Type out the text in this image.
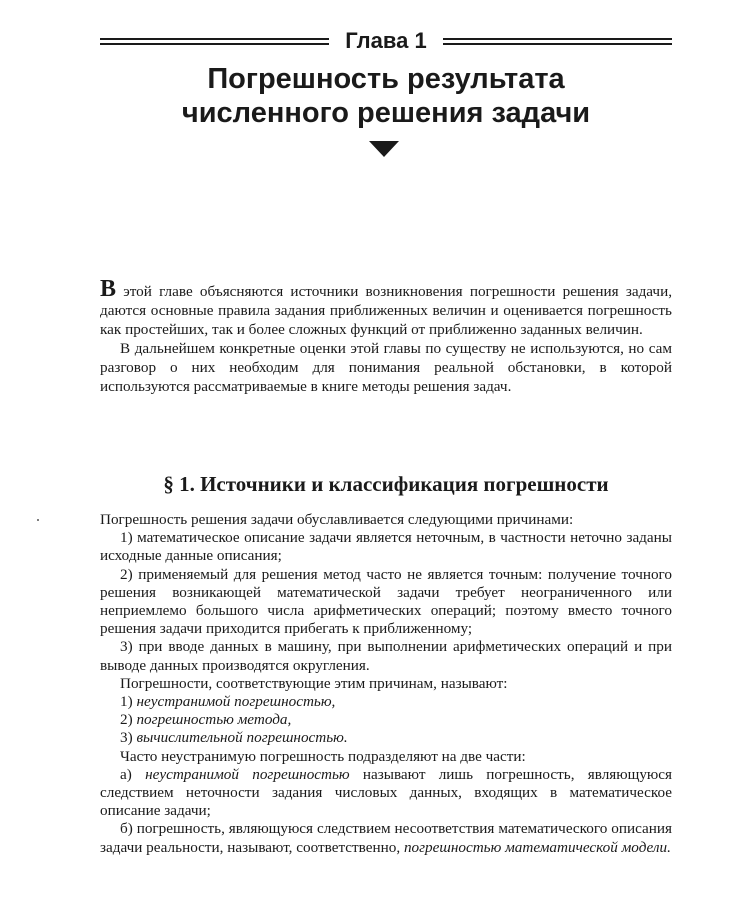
Глава 1
Погрешность результата
численного решения задачи

В этой главе объясняются источники возникновения погрешности решения задачи, даются основные правила задания приближенных величин и оценивается погрешность как простейших, так и более сложных функций от приближенно заданных величин.

В дальнейшем конкретные оценки этой главы по существу не используются, но сам разговор о них необходим для понимания реальной обстановки, в которой используются рассматриваемые в книге методы решения задач.

§ 1. Источники и классификация погрешности

Погрешность решения задачи обуславливается следующими причинами:

1) математическое описание задачи является неточным, в частности неточно заданы исходные данные описания;

2) применяемый для решения метод часто не является точным: получение точного решения возникающей математической задачи требует неограниченного или неприемлемо большого числа арифметических операций; поэтому вместо точного решения задачи приходится прибегать к приближенному;

3) при вводе данных в машину, при выполнении арифметических операций и при выводе данных производятся округления.

Погрешности, соответствующие этим причинам, называют:

1) неустранимой погрешностью,

2) погрешностью метода,

3) вычислительной погрешностью.

Часто неустранимую погрешность подразделяют на две части:

а) неустранимой погрешностью называют лишь погрешность, являющуюся следствием неточности задания числовых данных, входящих в математическое описание задачи;

б) погрешность, являющуюся следствием несоответствия математического описания задачи реальности, называют, соответственно, погрешностью математической модели.
